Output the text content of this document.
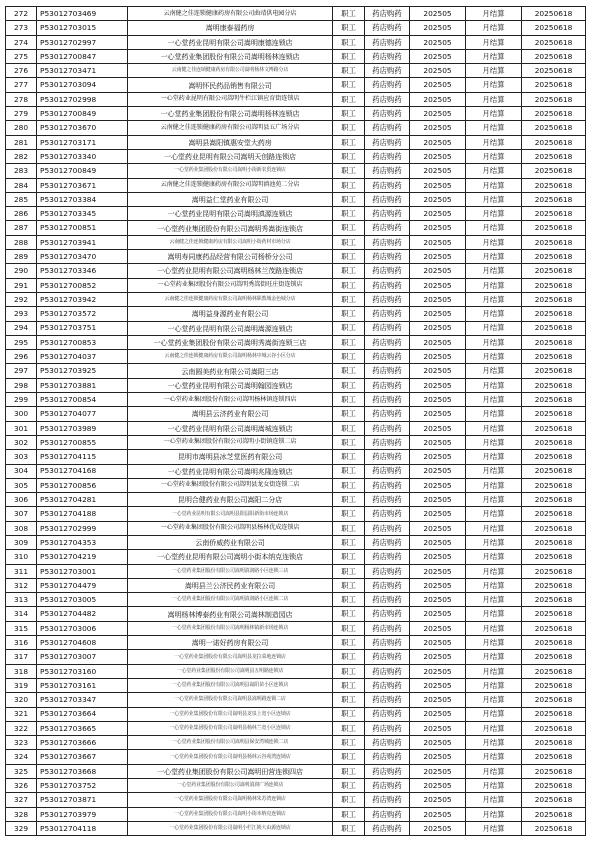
272	P53012703469	云南健之佳连锁健康药房有限公司曲靖供电园分店	职工	药店购药	202505	月结算	20250618
273	P53012703015	嵩明康泰福药房	职工	药店购药	202505	月结算	20250618
274	P53012702997	一心堂药业昆明有限公司嵩明康德连锁店	职工	药店购药	202505	月结算	20250618
275	P53012700847	一心堂药业集团股份有限公司嵩明杨林连锁店	职工	药店购药	202505	月结算	20250618
276	P53012703471	云南健之佳连锁健康药房有限公司嵩明杨林文博路分店	职工	药店购药	202505	月结算	20250618
277	P53012703094	嵩明怀民药品销售有限公司	职工	药店购药	202505	月结算	20250618
278	P53012702998	一心堂药业昆明有限公司嵩明牛栏江镇应育街连锁店	职工	药店购药	202505	月结算	20250618
279	P53012700849	一心堂药业集团股份有限公司嵩明杨林连锁店	职工	药店购药	202505	月结算	20250618
280	P53012703670	云南健之佳连锁健康药房有限公司嵩明县五广场分店	职工	药店购药	202505	月结算	20250618
281	P53012703171	嵩明县嵩阳镇惠安堂大药房	职工	药店购药	202505	月结算	20250618
282	P53012703340	一心堂药业昆明有限公司嵩明天创路连锁店	职工	药店购药	202505	月结算	20250618
283	P53012700849	一心堂药业集团股份有限公司嵩明小街新农贸连锁店	职工	药店购药	202505	月结算	20250618
284	P53012703671	云南健之佳连锁健康药房有限公司嵩明滇池苑二分店	职工	药店购药	202505	月结算	20250618
285	P53012703384	嵩明益仁堂药业有限公司	职工	药店购药	202505	月结算	20250618
286	P53012703345	一心堂药业昆明有限公司嵩明滇源连锁店	职工	药店购药	202505	月结算	20250618
287	P53012700851	一心堂药业集团股份有限公司嵩明秀嵩街连锁店	职工	药店购药	202505	月结算	20250618
288	P53012703941	云南健之佳连锁健康药房有限公司嵩明小街药材市场分店	职工	药店购药	202505	月结算	20250618
289	P53012703470	嵩明寿同康药品经营有限公司杨桥分公司	职工	药店购药	202505	月结算	20250618
290	P53012703346	一心堂药业昆明有限公司嵩明杨林兰茂路连锁店	职工	药店购药	202505	月结算	20250618
291	P53012700852	一心堂药业集团股份有限公司嵩明秀嵩街旺庄街连锁店	职工	药店购药	202505	月结算	20250618
292	P53012703942	云南健之佳连锁健康药房有限公司嵩明杨林职教城金色城分店	职工	药店购药	202505	月结算	20250618
293	P53012703572	嵩明益身源药业有限公司	职工	药店购药	202505	月结算	20250618
294	P53012703751	一心堂药业昆明有限公司嵩明嵩源连锁店	职工	药店购药	202505	月结算	20250618
295	P53012700853	一心堂药业集团股份有限公司嵩明秀嵩街连锁三店	职工	药店购药	202505	月结算	20250618
296	P53012704037	云南健之佳连锁健康药房有限公司嵩明杨林中城云谷小区分店	职工	药店购药	202505	月结算	20250618
297	P53012703925	云南圆美药业有限公司嵩阳三店	职工	药店购药	202505	月结算	20250618
298	P53012703881	一心堂药业昆明有限公司嵩明翰园连锁店	职工	药店购药	202505	月结算	20250618
299	P53012700854	一心堂药业集团股份有限公司嵩明杨林镇连锁四店	职工	药店购药	202505	月结算	20250618
300	P53012704077	嵩明县云济药业有限公司	职工	药店购药	202505	月结算	20250618
301	P53012703989	一心堂药业昆明有限公司嵩明嵩城连锁店	职工	药店购药	202505	月结算	20250618
302	P53012700855	一心堂药业集团股份有限公司嵩明小街镇连锁二店	职工	药店购药	202505	月结算	20250618
303	P53012704115	昆明市嵩明县冰芝堂医药有限公司	职工	药店购药	202505	月结算	20250618
304	P53012704168	一心堂药业昆明有限公司嵩明兆隆连锁店	职工	药店购药	202505	月结算	20250618
305	P53012700856	一心堂药业集团股份有限公司嵩明县龙女街连锁二店	职工	药店购药	202505	月结算	20250618
306	P53012704281	昆明合健药业有限公司嵩阳二分店	职工	药店购药	202505	月结算	20250618
307	P53012704188	一心堂药业昆明有限公司嵩明县阳县阳新街市场连锁店	职工	药店购药	202505	月结算	20250618
308	P53012702999	一心堂药业集团股份有限公司嵩明县杨林优成连锁店	职工	药店购药	202505	月结算	20250618
309	P53012704353	云南侨威药业有限公司	职工	药店购药	202505	月结算	20250618
310	P53012704219	一心堂药业昆明有限公司嵩明小街本纳克连锁店	职工	药店购药	202505	月结算	20250618
311	P53012703001	一心堂药业集团股份有限公司嵩明滇润路小区连锁三店	职工	药店购药	202505	月结算	20250618
312	P53012704479	嵩明县兰公济民药业有限公司	职工	药店购药	202505	月结算	20250618
313	P53012703005	一心堂药业集团股份有限公司嵩明滇润路小区连锁二店	职工	药店购药	202505	月结算	20250618
314	P53012704482	嵩明杨林博泰药业有限公司嵩林制造园店	职工	药店购药	202505	月结算	20250618
315	P53012703006	一心堂药业集团股份有限公司嵩明杨林镇新市场连锁店	职工	药店购药	202505	月结算	20250618
316	P53012704608	嵩明一诺好药房有限公司	职工	药店购药	202505	月结算	20250618
317	P53012703007	一心堂药业集团股份有限公司嵩明县龙拉菜地连锁店	职工	药店购药	202505	月结算	20250618
318	P53012703160	一心堂药业集团股份有限公司嵩明县五明路连锁店	职工	药店购药	202505	月结算	20250618
319	P53012703161	一心堂药业集团股份有限公司嵩明县嵩阳苗小区连锁店	职工	药店购药	202505	月结算	20250618
320	P53012703347	一心堂药业集团股份有限公司嵩明县嵩明路连锁二店	职工	药店购药	202505	月结算	20250618
321	P53012703664	一心堂药业集团股份有限公司嵩明县龙泉上宽小区连锁店	职工	药店购药	202505	月结算	20250618
322	P53012703665	一心堂药业集团股份有限公司嵩明县杨林兰宽小区连锁店	职工	药店购药	202505	月结算	20250618
323	P53012703666	一心堂药业集团股份有限公司嵩明县保安湾城连锁二店	职工	药店购药	202505	月结算	20250618
324	P53012703667	一心堂药业集团股份有限公司嵩明县杨林云谷苑湾连锁店	职工	药店购药	202505	月结算	20250618
325	P53012703668	一心堂药业集团股份有限公司嵩明田营连锁四店	职工	药店购药	202505	月结算	20250618
326	P53012703752	一心堂药业集团股份有限公司嵩明滇润广场连锁店	职工	药店购药	202505	月结算	20250618
327	P53012703871	一心堂药业集团股份有限公司嵩明杨林朱苏湾连锁店	职工	药店购药	202505	月结算	20250618
328	P53012703979	一心堂药业集团股份有限公司嵩明小街本纳克连锁店	职工	药店购药	202505	月结算	20250618
329	P53012704118	一心堂药业集团股份有限公司嵩明小栏江锁大由源连锁店	职工	药店购药	202505	月结算	20250618
